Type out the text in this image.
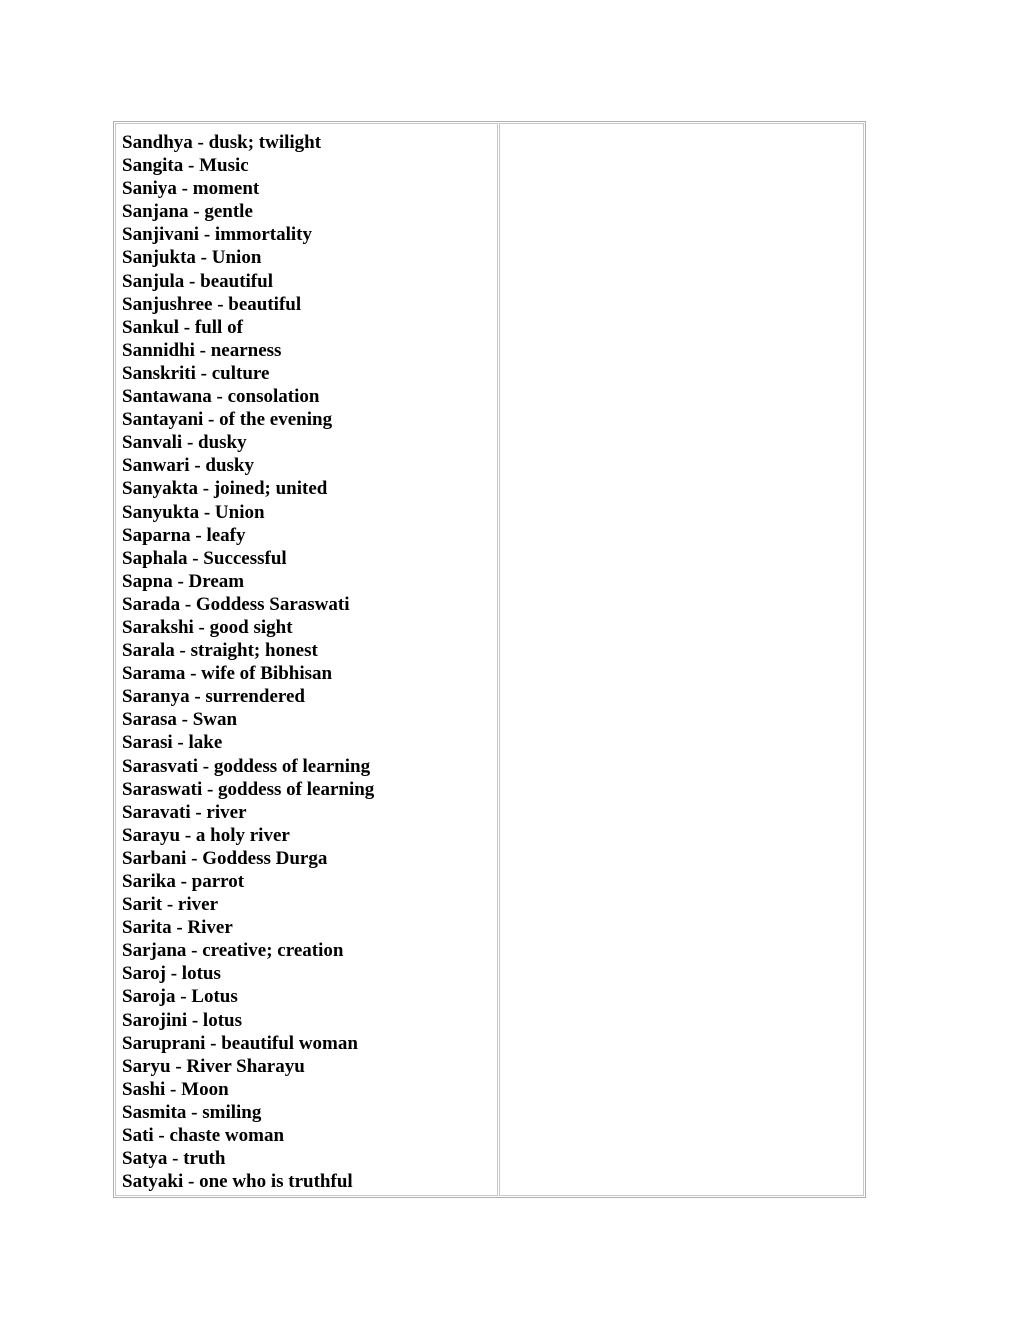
Sandhya - dusk; twilight
Sangita - Music
Saniya - moment
Sanjana - gentle
Sanjivani - immortality
Sanjukta - Union
Sanjula - beautiful
Sanjushree - beautiful
Sankul - full of
Sannidhi - nearness
Sanskriti - culture
Santawana - consolation
Santayani - of the evening
Sanvali - dusky
Sanwari - dusky
Sanyakta - joined; united
Sanyukta - Union
Saparna - leafy
Saphala - Successful
Sapna - Dream
Sarada - Goddess Saraswati
Sarakshi - good sight
Sarala - straight; honest
Sarama - wife of Bibhisan
Saranya - surrendered
Sarasa - Swan
Sarasi - lake
Sarasvati - goddess of learning
Saraswati - goddess of learning
Saravati - river
Sarayu - a holy river
Sarbani - Goddess Durga
Sarika - parrot
Sarit - river
Sarita - River
Sarjana - creative; creation
Saroj - lotus
Saroja - Lotus
Sarojini - lotus
Saruprani - beautiful woman
Saryu - River Sharayu
Sashi - Moon
Sasmita - smiling
Sati - chaste woman
Satya - truth
Satyaki - one who is truthful
